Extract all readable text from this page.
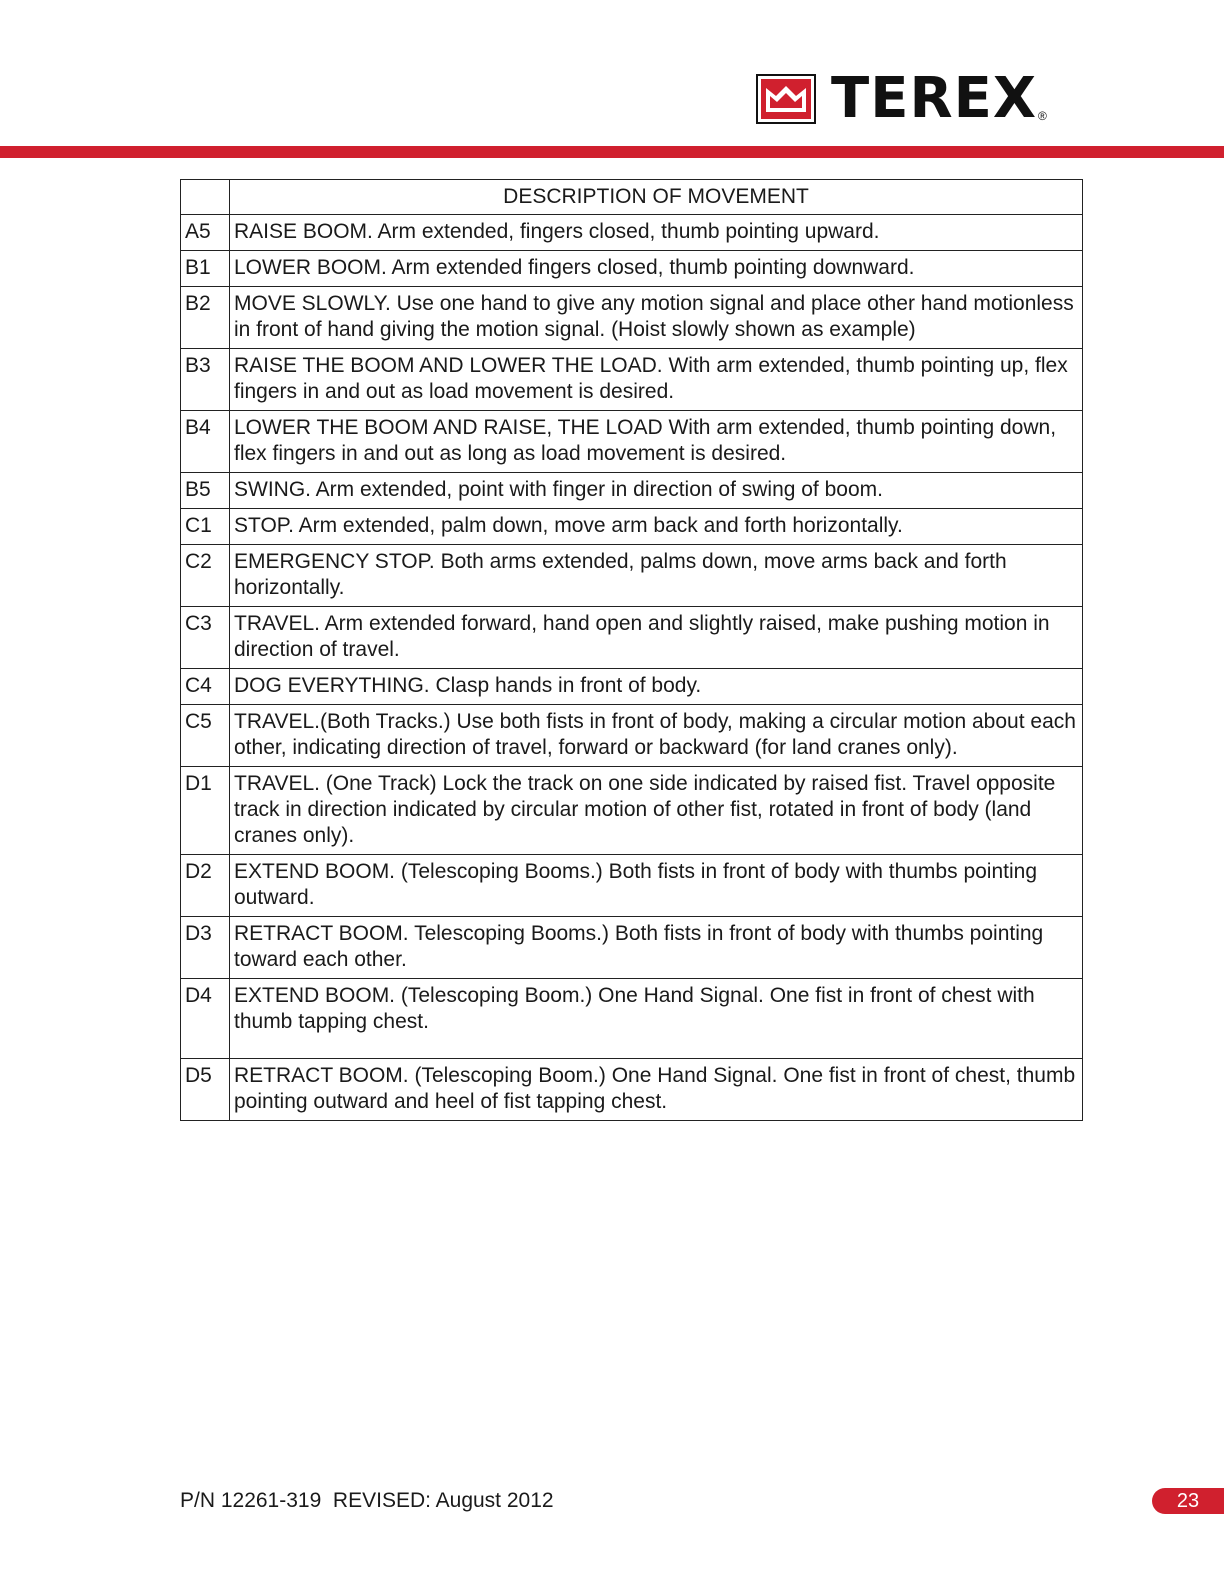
TEREX ®
	DESCRIPTION OF MOVEMENT
A5	RAISE BOOM. Arm extended, fingers closed, thumb pointing upward.
B1	LOWER BOOM. Arm extended fingers closed, thumb pointing downward.
B2	MOVE SLOWLY. Use one hand to give any motion signal and place other hand motionless in front of hand giving the motion signal. (Hoist slowly shown as example)
B3	RAISE THE BOOM AND LOWER THE LOAD. With arm extended, thumb pointing up, flex fingers in and out as load movement is desired.
B4	LOWER THE BOOM AND RAISE, THE LOAD With arm extended, thumb pointing down, flex fingers in and out as long as load movement is desired.
B5	SWING. Arm extended, point with finger in direction of swing of boom.
C1	STOP. Arm extended, palm down, move arm back and forth horizontally.
C2	EMERGENCY STOP. Both arms extended, palms down, move arms back and forth horizontally.
C3	TRAVEL. Arm extended forward, hand open and slightly raised, make pushing motion in direction of travel.
C4	DOG EVERYTHING. Clasp hands in front of body.
C5	TRAVEL.(Both Tracks.) Use both fists in front of body, making a circular motion about each other, indicating direction of travel, forward or backward (for land cranes only).
D1	TRAVEL. (One Track) Lock the track on one side indicated by raised fist. Travel opposite track in direction indicated by circular motion of other fist, rotated in front of body (land cranes only).
D2	EXTEND BOOM. (Telescoping Booms.) Both fists in front of body with thumbs pointing outward.
D3	RETRACT BOOM. Telescoping Booms.) Both fists in front of body with thumbs pointing toward each other.
D4	EXTEND BOOM. (Telescoping Boom.) One Hand Signal. One fist in front of chest with thumb tapping chest.
D5	RETRACT BOOM. (Telescoping Boom.) One Hand Signal. One fist in front of chest, thumb pointing outward and heel of fist tapping chest.
P/N 12261-319  REVISED: August 2012	23
